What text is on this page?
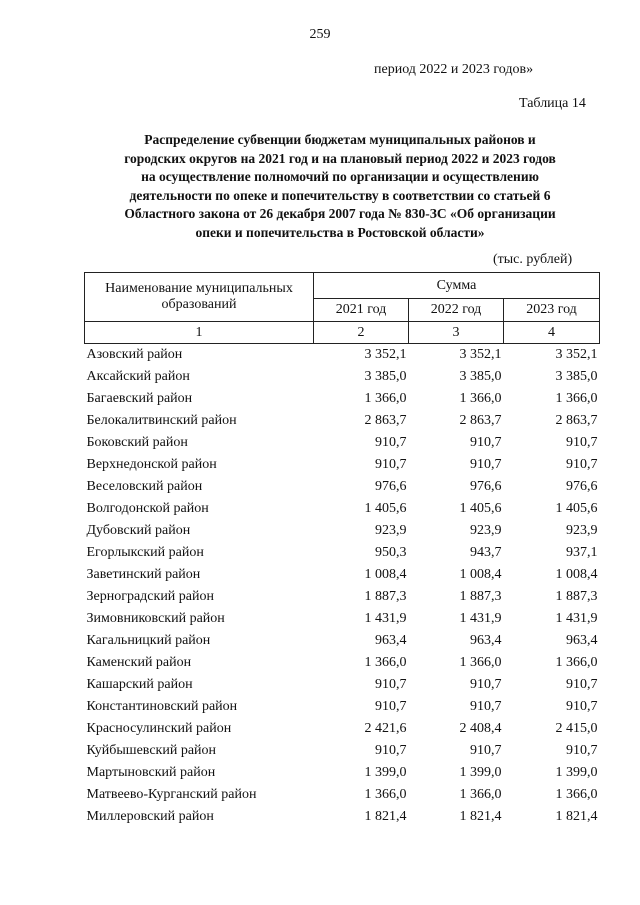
259
период 2022 и 2023 годов»
Таблица 14
Распределение субвенции бюджетам муниципальных районов и
городских округов на 2021 год и на плановый период 2022 и 2023 годов
на осуществление полномочий по организации и осуществлению
деятельности по опеке и попечительству в соответствии со статьей 6
Областного закона от 26 декабря 2007 года № 830-ЗС «Об организации
опеки и попечительства в Ростовской области»
(тыс. рублей)
Наименование муниципальных образований	Сумма		
	2021 год	2022 год	2023 год
1	2	3	4
Азовский район	3 352,1	3 352,1	3 352,1
Аксайский район	3 385,0	3 385,0	3 385,0
Багаевский район	1 366,0	1 366,0	1 366,0
Белокалитвинский район	2 863,7	2 863,7	2 863,7
Боковский район	910,7	910,7	910,7
Верхнедонской район	910,7	910,7	910,7
Веселовский район	976,6	976,6	976,6
Волгодонской район	1 405,6	1 405,6	1 405,6
Дубовский район	923,9	923,9	923,9
Егорлыкский район	950,3	943,7	937,1
Заветинский район	1 008,4	1 008,4	1 008,4
Зерноградский район	1 887,3	1 887,3	1 887,3
Зимовниковский район	1 431,9	1 431,9	1 431,9
Кагальницкий район	963,4	963,4	963,4
Каменский район	1 366,0	1 366,0	1 366,0
Кашарский район	910,7	910,7	910,7
Константиновский район	910,7	910,7	910,7
Красносулинский район	2 421,6	2 408,4	2 415,0
Куйбышевский район	910,7	910,7	910,7
Мартыновский район	1 399,0	1 399,0	1 399,0
Матвеево-Курганский район	1 366,0	1 366,0	1 366,0
Миллеровский район	1 821,4	1 821,4	1 821,4
